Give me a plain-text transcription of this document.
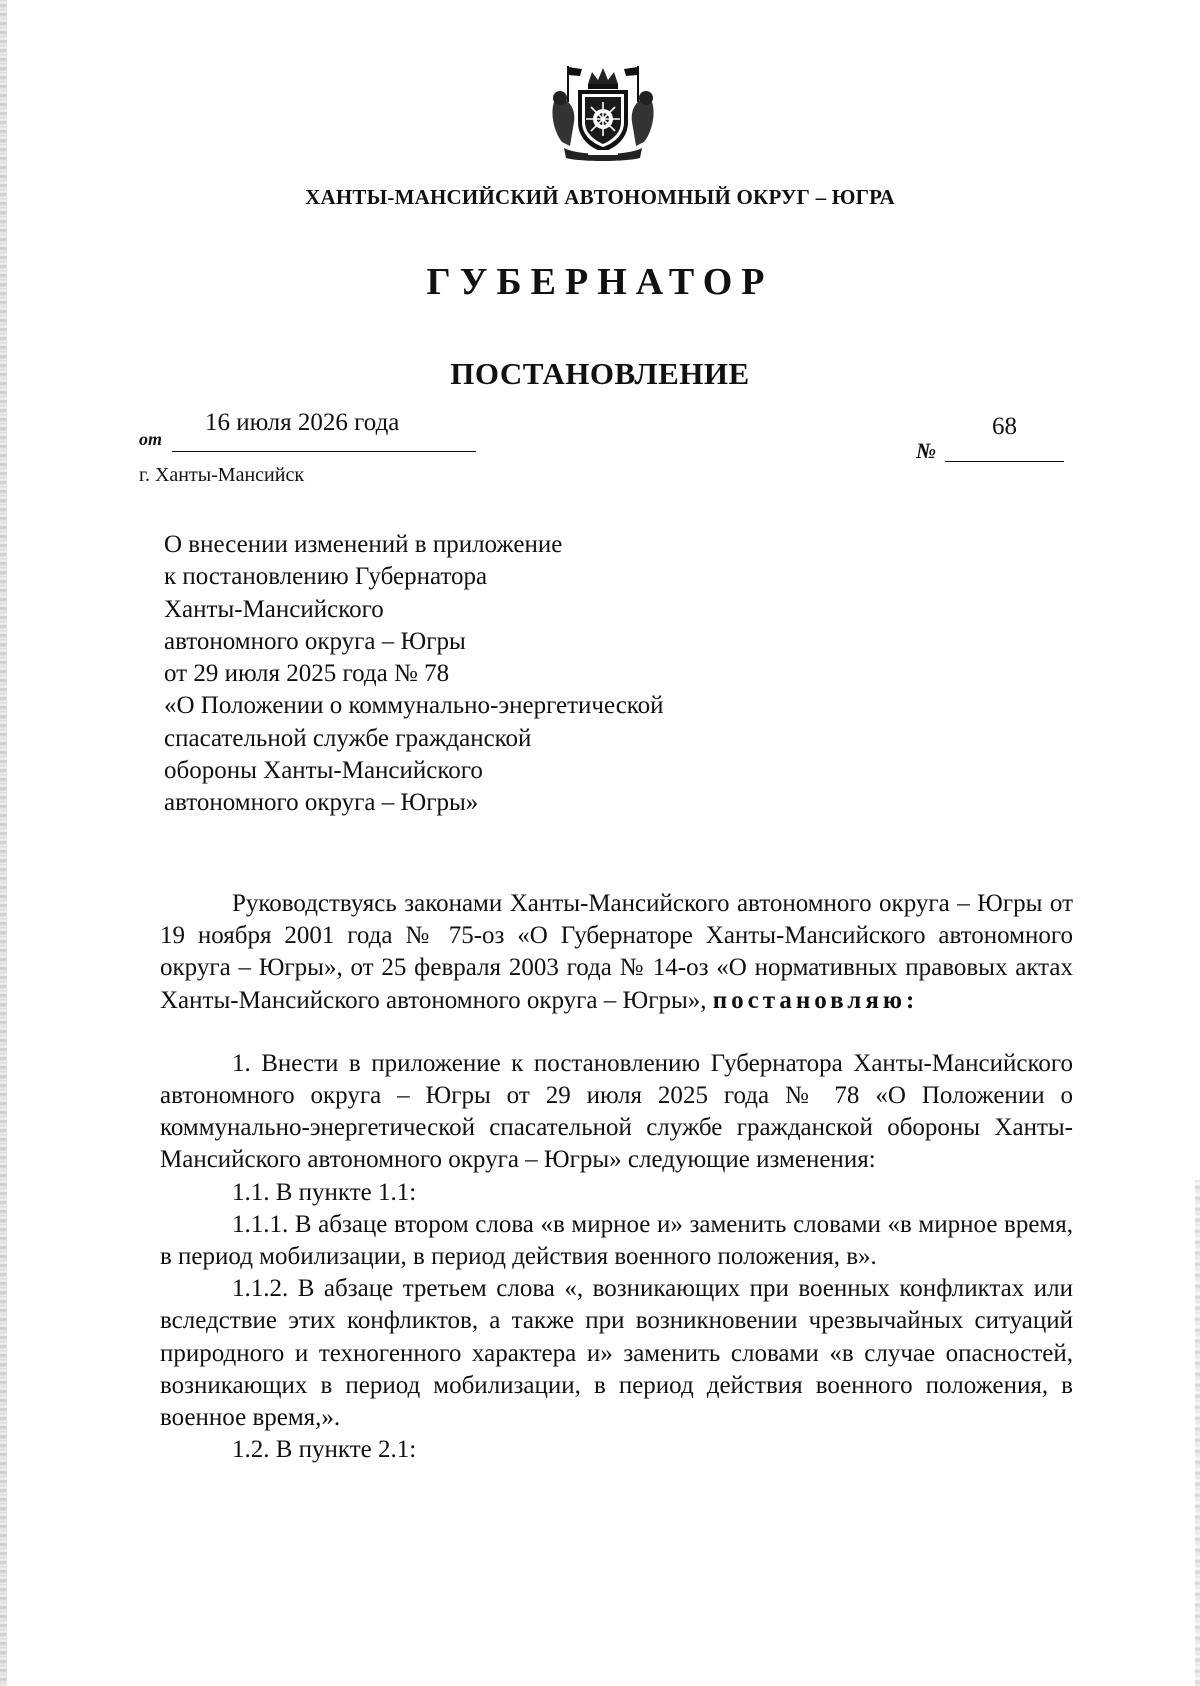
ХАНТЫ-МАНСИЙСКИЙ АВТОНОМНЫЙ ОКРУГ – ЮГРА
ГУБЕРНАТОР
ПОСТАНОВЛЕНИЕ
от
16 июля 2026 года
№
68
г. Ханты-Мансийск
О внесении изменений в приложение
к постановлению Губернатора
Ханты-Мансийского
автономного округа – Югры
от 29 июля 2025 года № 78
«О Положении о коммунально-энергетической
спасательной службе гражданской
обороны Ханты-Мансийского
автономного округа – Югры»

Руководствуясь законами Ханты-Мансийского автономного округа – Югры от 19 ноября 2001 года № 75-оз «О Губернаторе Ханты-Мансийского автономного округа – Югры», от 25 февраля 2003 года № 14-оз «О нормативных правовых актах Ханты-Мансийского автономного округа – Югры», постановляю:

1. Внести в приложение к постановлению Губернатора Ханты-Мансийского автономного округа – Югры от 29 июля 2025 года № 78 «О Положении о коммунально-энергетической спасательной службе гражданской обороны Ханты-Мансийского автономного округа – Югры» следующие изменения:

1.1. В пункте 1.1:

1.1.1. В абзаце втором слова «в мирное и» заменить словами «в мирное время, в период мобилизации, в период действия военного положения, в».

1.1.2. В абзаце третьем слова «, возникающих при военных конфликтах или вследствие этих конфликтов, а также при возникновении чрезвычайных ситуаций природного и техногенного характера и» заменить словами «в случае опасностей, возникающих в период мобилизации, в период действия военного положения, в военное время,».

1.2. В пункте 2.1:
